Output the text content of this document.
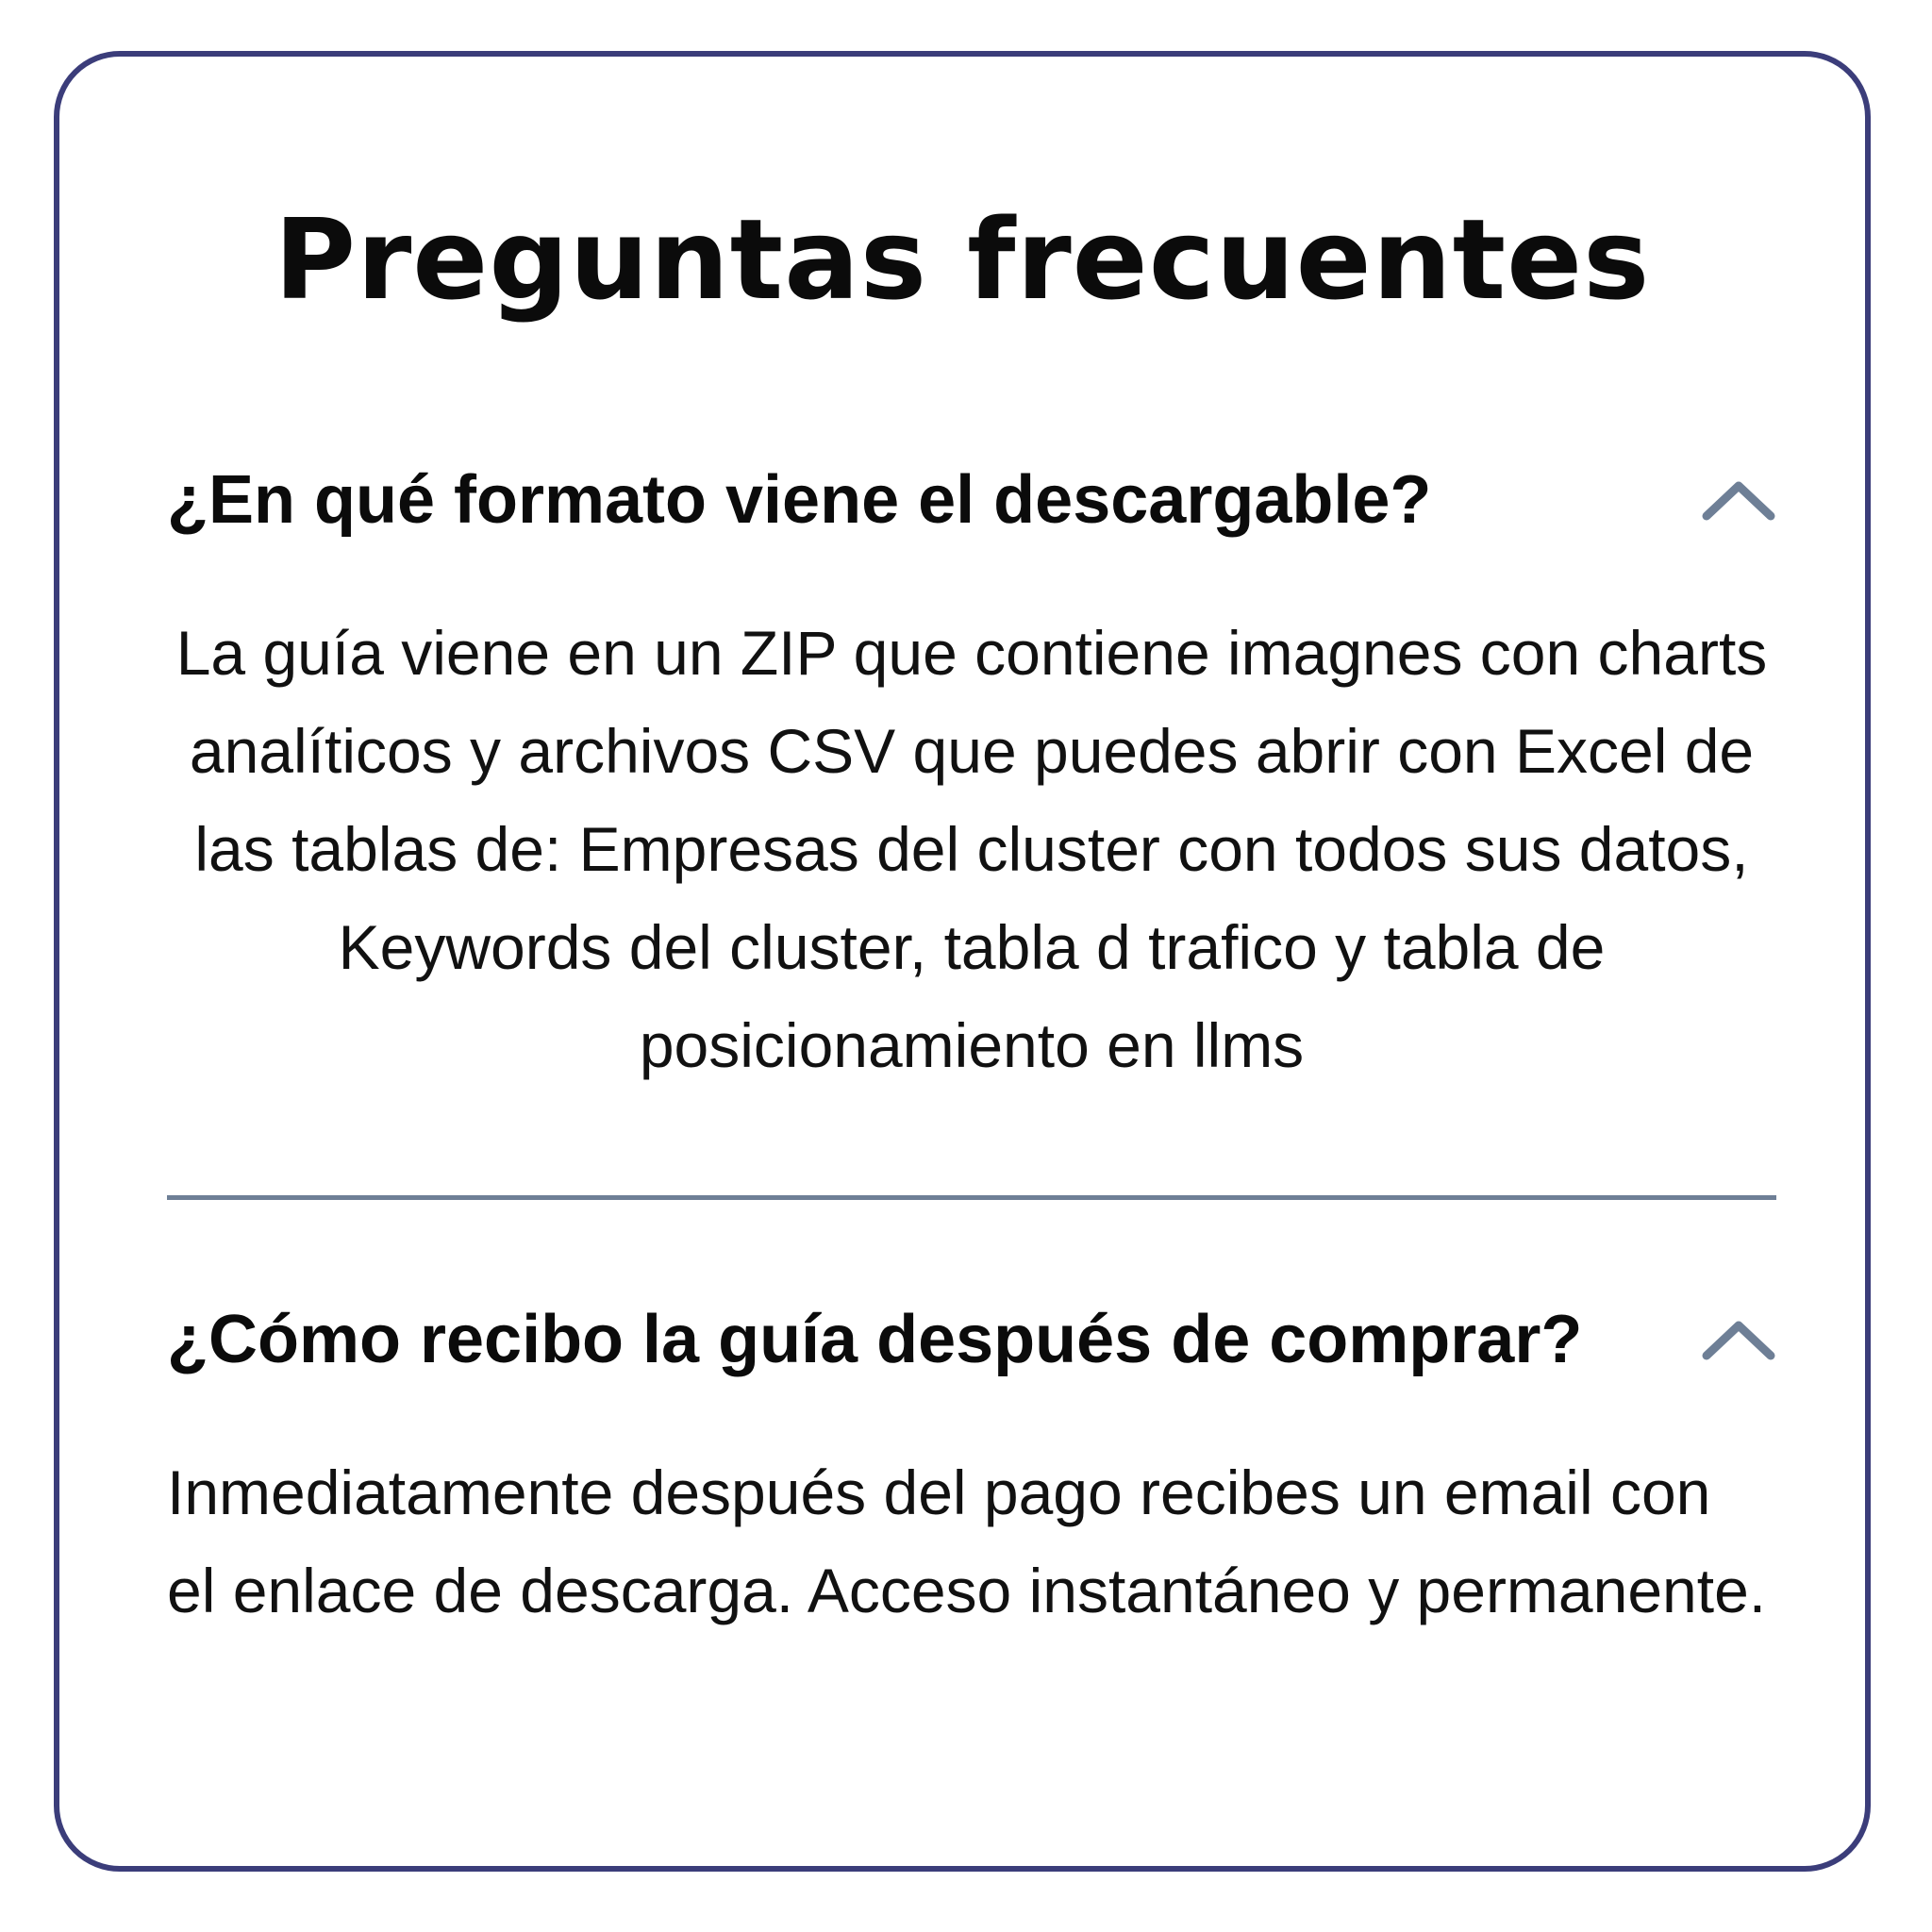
Preguntas frecuentes
¿En qué formato viene el descargable?
La guía viene en un ZIP que contiene imagnes con charts analíticos y archivos CSV que puedes abrir con Excel de las tablas de: Empresas del cluster con todos sus datos, Keywords del cluster, tabla d trafico y tabla de posicionamiento en llms
¿Cómo recibo la guía después de comprar?
Inmediatamente después del pago recibes un email con el enlace de descarga. Acceso instantáneo y permanente.
